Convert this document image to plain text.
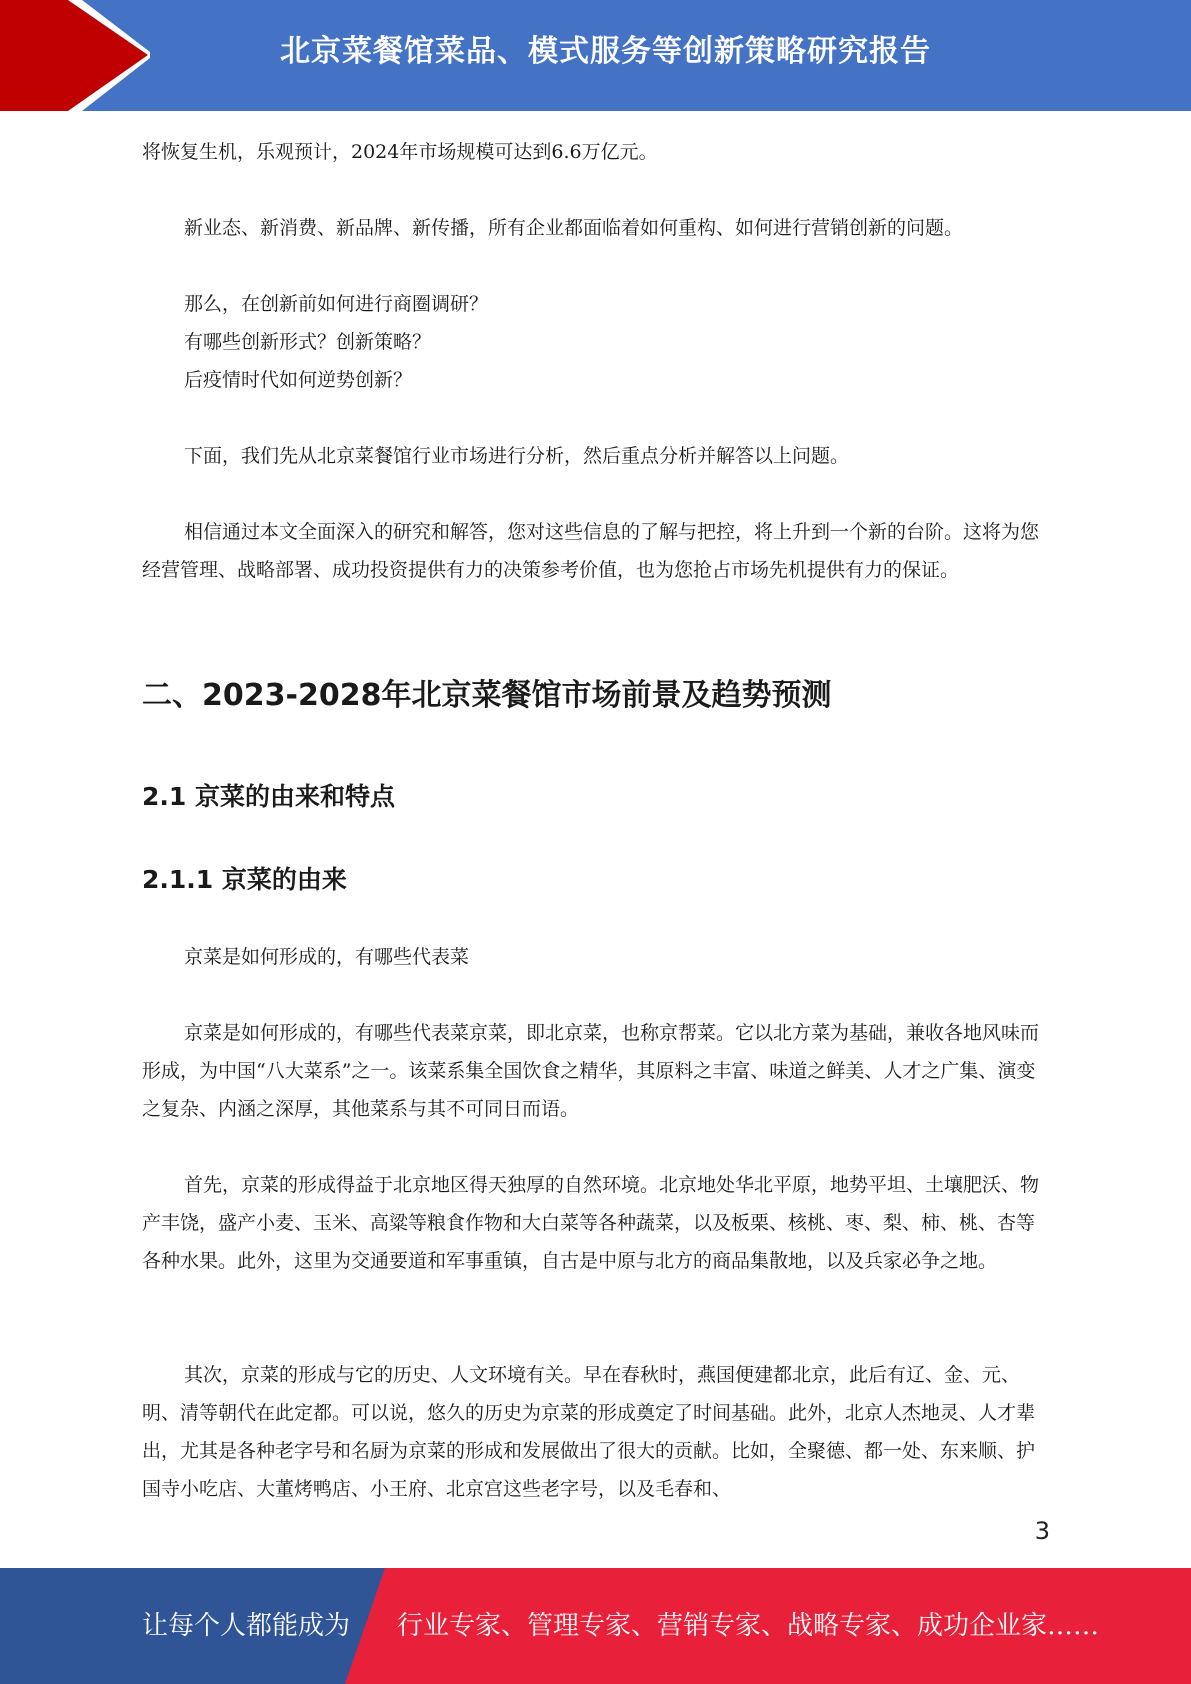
北京菜餐馆菜品、模式服务等创新策略研究报告

将恢复生机，乐观预计，2024年市场规模可达到6.6万亿元。

新业态、新消费、新品牌、新传播，所有企业都面临着如何重构、如何进行营销创新的问题。

那么，在创新前如何进行商圈调研？

有哪些创新形式？创新策略？

后疫情时代如何逆势创新？

下面，我们先从北京菜餐馆行业市场进行分析，然后重点分析并解答以上问题。

相信通过本文全面深入的研究和解答，您对这些信息的了解与把控，将上升到一个新的台阶。这将为您经营管理、战略部署、成功投资提供有力的决策参考价值，也为您抢占市场先机提供有力的保证。

二、2023-2028年北京菜餐馆市场前景及趋势预测
2.1 京菜的由来和特点
2.1.1 京菜的由来

京菜是如何形成的，有哪些代表菜

京菜是如何形成的，有哪些代表菜京菜，即北京菜，也称京帮菜。它以北方菜为基础，兼收各地风味而形成，为中国“八大菜系”之一。该菜系集全国饮食之精华，其原料之丰富、味道之鲜美、人才之广集、演变之复杂、内涵之深厚，其他菜系与其不可同日而语。

首先，京菜的形成得益于北京地区得天独厚的自然环境。北京地处华北平原，地势平坦、土壤肥沃、物产丰饶，盛产小麦、玉米、高粱等粮食作物和大白菜等各种蔬菜，以及板栗、核桃、枣、梨、柿、桃、杏等各种水果。此外，这里为交通要道和军事重镇，自古是中原与北方的商品集散地，以及兵家必争之地。

其次，京菜的形成与它的历史、人文环境有关。早在春秋时，燕国便建都北京，此后有辽、金、元、明、清等朝代在此定都。可以说，悠久的历史为京菜的形成奠定了时间基础。此外，北京人杰地灵、人才辈出，尤其是各种老字号和名厨为京菜的形成和发展做出了很大的贡献。比如，全聚德、都一处、东来顺、护国寺小吃店、大董烤鸭店、小王府、北京宫这些老字号，以及毛春和、

3
让每个人都能成为 行业专家、管理专家、营销专家、战略专家、成功企业家……
